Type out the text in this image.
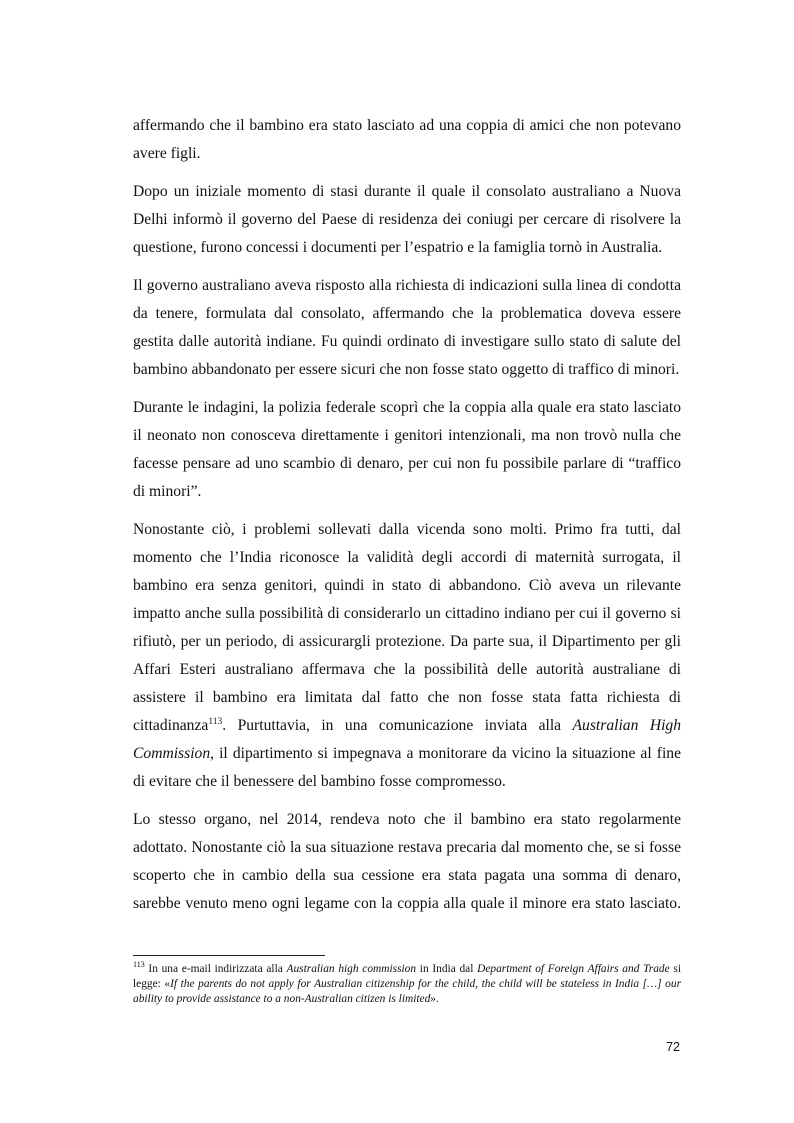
affermando che il bambino era stato lasciato ad una coppia di amici che non potevano avere figli.

Dopo un iniziale momento di stasi durante il quale il consolato australiano a Nuova Delhi informò il governo del Paese di residenza dei coniugi per cercare di risolvere la questione, furono concessi i documenti per l’espatrio e la famiglia tornò in Australia.

Il governo australiano aveva risposto alla richiesta di indicazioni sulla linea di condotta da tenere, formulata dal consolato, affermando che la problematica doveva essere gestita dalle autorità indiane. Fu quindi ordinato di investigare sullo stato di salute del bambino abbandonato per essere sicuri che non fosse stato oggetto di traffico di minori.

Durante le indagini, la polizia federale scoprì che la coppia alla quale era stato lasciato il neonato non conosceva direttamente i genitori intenzionali, ma non trovò nulla che facesse pensare ad uno scambio di denaro, per cui non fu possibile parlare di “traffico di minori”.

Nonostante ciò, i problemi sollevati dalla vicenda sono molti. Primo fra tutti, dal momento che l’India riconosce la validità degli accordi di maternità surrogata, il bambino era senza genitori, quindi in stato di abbandono. Ciò aveva un rilevante impatto anche sulla possibilità di considerarlo un cittadino indiano per cui il governo si rifiutò, per un periodo, di assicurargli protezione. Da parte sua, il Dipartimento per gli Affari Esteri australiano affermava che la possibilità delle autorità australiane di assistere il bambino era limitata dal fatto che non fosse stata fatta richiesta di cittadinanza$^{113}$. Purtuttavia, in una comunicazione inviata alla Australian High Commission, il dipartimento si impegnava a monitorare da vicino la situazione al fine di evitare che il benessere del bambino fosse compromesso.

Lo stesso organo, nel 2014, rendeva noto che il bambino era stato regolarmente adottato. Nonostante ciò la sua situazione restava precaria dal momento che, se si fosse scoperto che in cambio della sua cessione era stata pagata una somma di denaro, sarebbe venuto meno ogni legame con la coppia alla quale il minore era stato lasciato.

$^{113}$ In una e-mail indirizzata alla Australian high commission in India dal Department of Foreign Affairs and Trade si legge: «If the parents do not apply for Australian citizenship for the child, the child will be stateless in India […] our ability to provide assistance to a non-Australian citizen is limited».

72
